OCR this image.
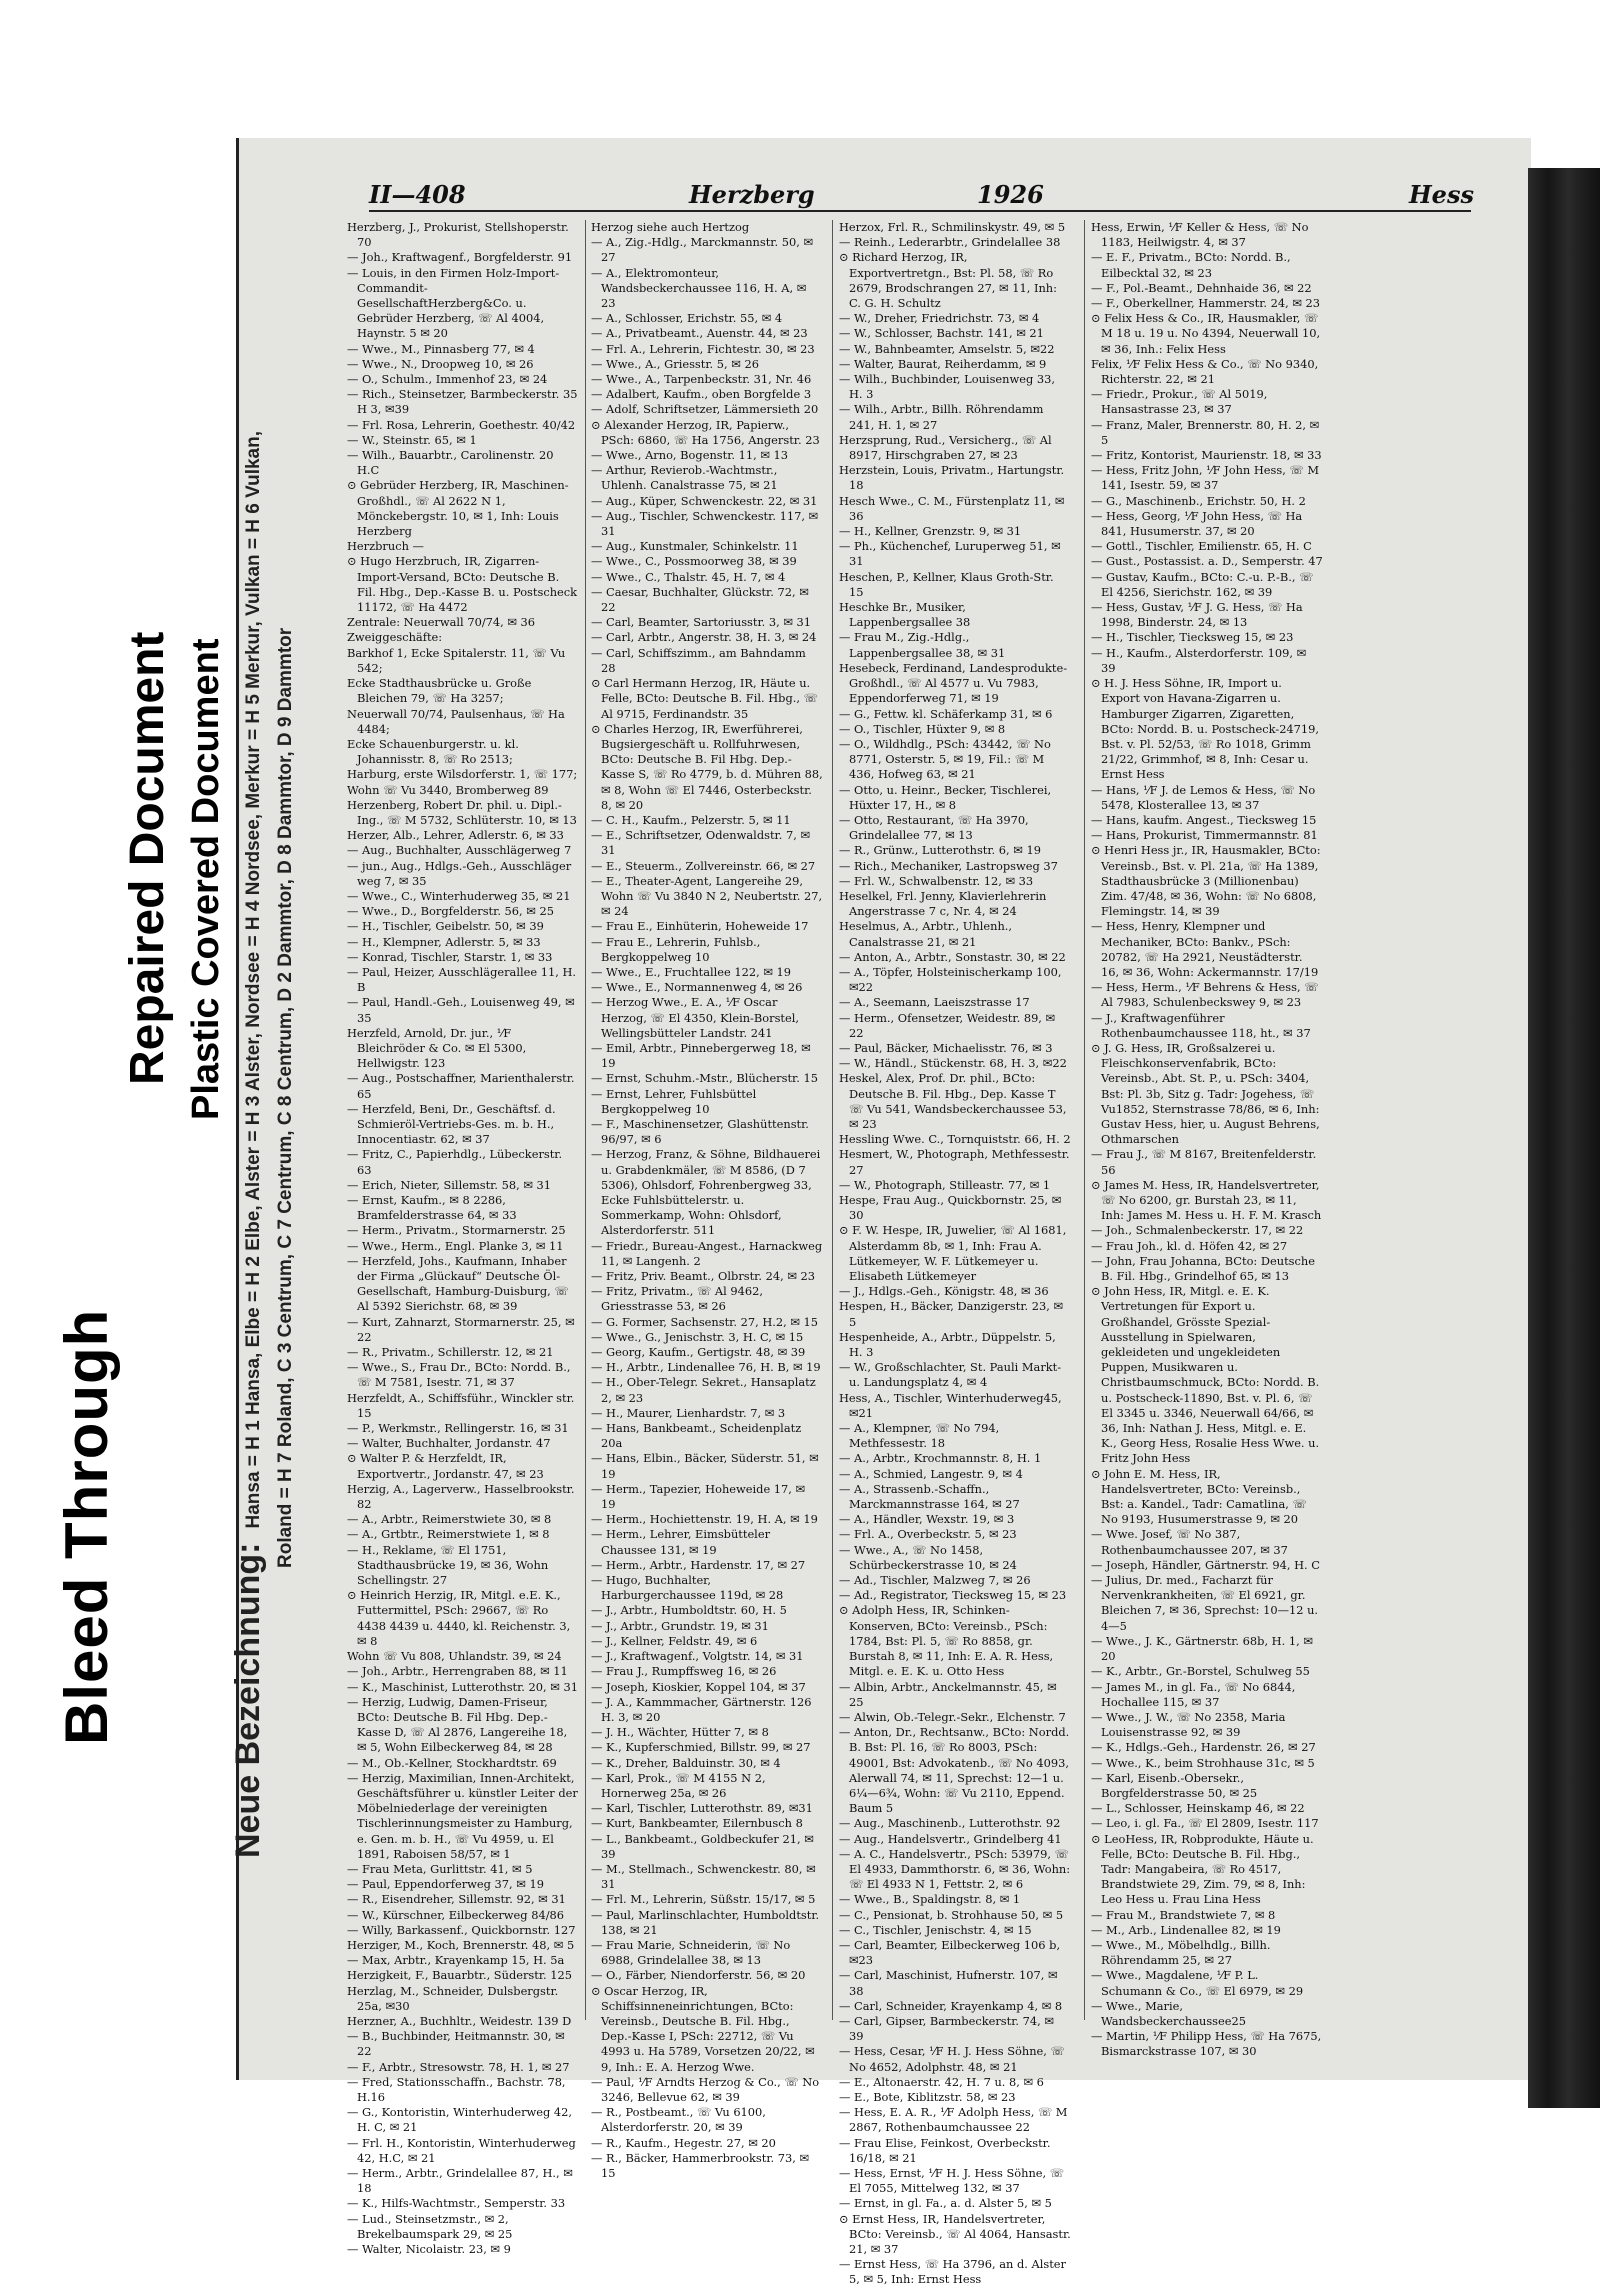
Bleed Through
Repaired Document Plastic Covered Document
II—408	Herzberg	1926	Hess
Neue Bezeichnung:Hansa = H 1 Hansa, Elbe = H 2 Elbe, Alster = H 3 Alster, Nordsee = H 4 Nordsee, Merkur = H 5 Merkur, Vulkan = H 6 Vulkan, Roland = H 7 Roland, C 3 Centrum, C 7 Centrum, C 8 Centrum, D 2 Dammtor, D 8 Dammtor, D 9 Dammtor

Herzberg, J., Prokurist, Stellshoperstr. 70

— Joh., Kraftwagenf., Borgfelderstr. 91

— Louis, in den Firmen Holz-Import-Commandit-GesellschaftHerzberg&Co. u. Gebrüder Herzberg, ☏ Al 4004, Haynstr. 5 ✉ 20

— Wwe., M., Pinnasberg 77, ✉ 4

— Wwe., N., Droopweg 10, ✉ 26

— O., Schulm., Immenhof 23, ✉ 24

— Rich., Steinsetzer, Barmbeckerstr. 35 H 3, ✉39

— Frl. Rosa, Lehrerin, Goethestr. 40/42

— W., Steinstr. 65, ✉ 1

— Wilh., Bauarbtr., Carolinenstr. 20 H.C

⊙ Gebrüder Herzberg, IR, Maschinen-Großhdl., ☏ Al 2622 N 1, Mönckebergstr. 10, ✉ 1, Inh: Louis Herzberg

Herzbruch —

⊙ Hugo Herzbruch, IR, Zigarren-Import-Versand, BCto: Deutsche B. Fil. Hbg., Dep.-Kasse B. u. Postscheck 11172, ☏ Ha 4472

Zentrale: Neuerwall 70/74, ✉ 36

Zweiggeschäfte:

Barkhof 1, Ecke Spitalerstr. 11, ☏ Vu 542;

Ecke Stadthausbrücke u. Große Bleichen 79, ☏ Ha 3257;

Neuerwall 70/74, Paulsenhaus, ☏ Ha 4484;

Ecke Schauenburgerstr. u. kl. Johannisstr. 8, ☏ Ro 2513;

Harburg, erste Wilsdorferstr. 1, ☏ 177;

Wohn ☏ Vu 3440, Bromberweg 89

Herzenberg, Robert Dr. phil. u. Dipl.-Ing., ☏ M 5732, Schlüterstr. 10, ✉ 13

Herzer, Alb., Lehrer, Adlerstr. 6, ✉ 33

— Aug., Buchhalter, Ausschlägerweg 7

— jun., Aug., Hdlgs.-Geh., Ausschläger weg 7, ✉ 35

— Wwe., C., Winterhuderweg 35, ✉ 21

— Wwe., D., Borgfelderstr. 56, ✉ 25

— H., Tischler, Geibelstr. 50, ✉ 39

— H., Klempner, Adlerstr. 5, ✉ 33

— Konrad, Tischler, Starstr. 1, ✉ 33

— Paul, Heizer, Ausschlägerallee 11, H. B

— Paul, Handl.-Geh., Louisenweg 49, ✉ 35

Herzfeld, Arnold, Dr. jur., ⅟F Bleichröder & Co. ✉ El 5300, Hellwigstr. 123

— Aug., Postschaffner, Marienthalerstr. 65

— Herzfeld, Beni, Dr., Geschäftsf. d. Schmieröl-Vertriebs-Ges. m. b. H., Innocentiastr. 62, ✉ 37

— Fritz, C., Papierhdlg., Lübeckerstr. 63

— Erich, Nieter, Sillemstr. 58, ✉ 31

— Ernst, Kaufm., ✉ 8 2286, Bramfelderstrasse 64, ✉ 33

— Herm., Privatm., Stormarnerstr. 25

— Wwe., Herm., Engl. Planke 3, ✉ 11

— Herzfeld, Johs., Kaufmann, Inhaber der Firma „Glückauf“ Deutsche Öl-Gesellschaft, Hamburg-Duisburg, ☏ Al 5392 Sierichstr. 68, ✉ 39

— Kurt, Zahnarzt, Stormarnerstr. 25, ✉ 22

— R., Privatm., Schillerstr. 12, ✉ 21

— Wwe., S., Frau Dr., BCto: Nordd. B., ☏ M 7581, Isestr. 71, ✉ 37

Herzfeldt, A., Schiffsführ., Winckler str. 15

— P., Werkmstr., Rellingerstr. 16, ✉ 31

— Walter, Buchhalter, Jordanstr. 47

⊙ Walter P. & Herzfeldt, IR, Exportvertr., Jordanstr. 47, ✉ 23

Herzig, A., Lagerverw., Hasselbrookstr. 82

— A., Arbtr., Reimerstwiete 30, ✉ 8

— A., Grtbtr., Reimerstwiete 1, ✉ 8

— H., Reklame, ☏ El 1751, Stadthausbrücke 19, ✉ 36, Wohn Schellingstr. 27

⊙ Heinrich Herzig, IR, Mitgl. e.E. K., Futtermittel, PSch: 29667, ☏ Ro 4438 4439 u. 4440, kl. Reichenstr. 3, ✉ 8

Wohn ☏ Vu 808, Uhlandstr. 39, ✉ 24

— Joh., Arbtr., Herrengraben 88, ✉ 11

— K., Maschinist, Lutterothstr. 20, ✉ 31

— Herzig, Ludwig, Damen-Friseur, BCto: Deutsche B. Fil Hbg. Dep.-Kasse D, ☏ Al 2876, Langereihe 18, ✉ 5, Wohn Eilbeckerweg 84, ✉ 28

— M., Ob.-Kellner, Stockhardtstr. 69

— Herzig, Maximilian, Innen-Architekt, Geschäftsführer u. künstler Leiter der Möbelniederlage der vereinigten Tischlerinnungsmeister zu Hamburg, e. Gen. m. b. H., ☏ Vu 4959, u. El 1891, Raboisen 58/57, ✉ 1

— Frau Meta, Gurlittstr. 41, ✉ 5

— Paul, Eppendorferweg 37, ✉ 19

— R., Eisendreher, Sillemstr. 92, ✉ 31

— W., Kürschner, Eilbeckerweg 84/86

— Willy, Barkassenf., Quickbornstr. 127

Herziger, M., Koch, Brennerstr. 48, ✉ 5

— Max, Arbtr., Krayenkamp 15, H. 5a

Herzigkeit, F., Bauarbtr., Süderstr. 125

Herzlag, M., Schneider, Dulsbergstr. 25a, ✉30

Herzner, A., Buchhltr., Weidestr. 139 D

— B., Buchbinder, Heitmannstr. 30, ✉ 22

— F., Arbtr., Stresowstr. 78, H. 1, ✉ 27

— Fred, Stationsschaffn., Bachstr. 78, H.16

— G., Kontoristin, Winterhuderweg 42, H. C, ✉ 21

— Frl. H., Kontoristin, Winterhuderweg 42, H.C, ✉ 21

— Herm., Arbtr., Grindelallee 87, H., ✉ 18

— K., Hilfs-Wachtmstr., Semperstr. 33

— Lud., Steinsetzmstr., ✉ 2, Brekelbaumspark 29, ✉ 25

— Walter, Nicolaistr. 23, ✉ 9

Herzog siehe auch Hertzog

— A., Zig.-Hdlg., Marckmannstr. 50, ✉27

— A., Elektromonteur, Wandsbeckerchaussee 116, H. A, ✉ 23

— A., Schlosser, Erichstr. 55, ✉ 4

— A., Privatbeamt., Auenstr. 44, ✉ 23

— Frl. A., Lehrerin, Fichtestr. 30, ✉ 23

— Wwe., A., Griesstr. 5, ✉ 26

— Wwe., A., Tarpenbeckstr. 31, Nr. 46

— Adalbert, Kaufm., oben Borgfelde 3

— Adolf, Schriftsetzer, Lämmersieth 20

⊙ Alexander Herzog, IR, Papierw., PSch: 6860, ☏ Ha 1756, Angerstr. 23

— Wwe., Arno, Bogenstr. 11, ✉ 13

— Arthur, Revierob.-Wachtmstr., Uhlenh. Canalstrasse 75, ✉ 21

— Aug., Küper, Schwenckestr. 22, ✉ 31

— Aug., Tischler, Schwenckestr. 117, ✉31

— Aug., Kunstmaler, Schinkelstr. 11

— Wwe., C., Possmoorweg 38, ✉ 39

— Wwe., C., Thalstr. 45, H. 7, ✉ 4

— Caesar, Buchhalter, Glückstr. 72, ✉ 22

— Carl, Beamter, Sartoriusstr. 3, ✉ 31

— Carl, Arbtr., Angerstr. 38, H. 3, ✉ 24

— Carl, Schiffszimm., am Bahndamm 28

⊙ Carl Hermann Herzog, IR, Häute u. Felle, BCto: Deutsche B. Fil. Hbg., ☏ Al 9715, Ferdinandstr. 35

⊙ Charles Herzog, IR, Ewerführerei, Bugsiergeschäft u. Rollfuhrwesen, BCto: Deutsche B. Fil Hbg. Dep.-Kasse S, ☏ Ro 4779, b. d. Mühren 88, ✉ 8, Wohn ☏ El 7446, Osterbeckstr. 8, ✉ 20

— C. H., Kaufm., Pelzerstr. 5, ✉ 11

— E., Schriftsetzer, Odenwaldstr. 7, ✉ 31

— E., Steuerm., Zollvereinstr. 66, ✉ 27

— E., Theater-Agent, Langereihe 29, Wohn ☏ Vu 3840 N 2, Neubertstr. 27, ✉ 24

— Frau E., Einhüterin, Hoheweide 17

— Frau E., Lehrerin, Fuhlsb., Bergkoppelweg 10

— Wwe., E., Fruchtallee 122, ✉ 19

— Wwe., E., Normannenweg 4, ✉ 26

— Herzog Wwe., E. A., ⅟F Oscar Herzog, ☏ El 4350, Klein-Borstel, Wellingsbütteler Landstr. 241

— Emil, Arbtr., Pinnebergerweg 18, ✉19

— Ernst, Schuhm.-Mstr., Blücherstr. 15

— Ernst, Lehrer, Fuhlsbüttel Bergkoppelweg 10

— F., Maschinensetzer, Glashüttenstr. 96/97, ✉ 6

— Herzog, Franz, & Söhne, Bildhauerei u. Grabdenkmäler, ☏ M 8586, (D 7 5306), Ohlsdorf, Fohrenbergweg 33, Ecke Fuhlsbüttelerstr. u. Sommerkamp, Wohn: Ohlsdorf, Alsterdorferstr. 511

— Friedr., Bureau-Angest., Harnackweg 11, ✉ Langenh. 2

— Fritz, Priv. Beamt., Olbrstr. 24, ✉ 23

— Fritz, Privatm., ☏ Al 9462, Griesstrasse 53, ✉ 26

— G. Former, Sachsenstr. 27, H.2, ✉ 15

— Wwe., G., Jenischstr. 3, H. C, ✉ 15

— Georg, Kaufm., Gertigstr. 48, ✉ 39

— H., Arbtr., Lindenallee 76, H. B, ✉ 19

— H., Ober-Telegr. Sekret., Hansaplatz 2, ✉ 23

— H., Maurer, Lienhardstr. 7, ✉ 3

— Hans, Bankbeamt., Scheidenplatz 20a

— Hans, Elbin., Bäcker, Süderstr. 51, ✉ 19

— Herm., Tapezier, Hoheweide 17, ✉ 19

— Herm., Hochiettenstr. 19, H. A, ✉ 19

— Herm., Lehrer, Eimsbütteler Chaussee 131, ✉ 19

— Herm., Arbtr., Hardenstr. 17, ✉ 27

— Hugo, Buchhalter, Harburgerchaussee 119d, ✉ 28

— J., Arbtr., Humboldtstr. 60, H. 5

— J., Arbtr., Grundstr. 19, ✉ 31

— J., Kellner, Feldstr. 49, ✉ 6

— J., Kraftwagenf., Volgtstr. 14, ✉ 31

— Frau J., Rumpffsweg 16, ✉ 26

— Joseph, Kioskier, Koppel 104, ✉ 37

— J. A., Kammmacher, Gärtnerstr. 126 H. 3, ✉ 20

— J. H., Wächter, Hütter 7, ✉ 8

— K., Kupferschmied, Billstr. 99, ✉ 27

— K., Dreher, Balduinstr. 30, ✉ 4

— Karl, Prok., ☏ M 4155 N 2, Hornerweg 25a, ✉ 26

— Karl, Tischler, Lutterothstr. 89, ✉31

— Kurt, Bankbeamter, Eilernbusch 8

— L., Bankbeamt., Goldbeckufer 21, ✉ 39

— M., Stellmach., Schwenckestr. 80, ✉31

— Frl. M., Lehrerin, Süßstr. 15/17, ✉ 5

— Paul, Marlinschlachter, Humboldtstr. 138, ✉ 21

— Frau Marie, Schneiderin, ☏ No 6988, Grindelallee 38, ✉ 13

— O., Färber, Niendorferstr. 56, ✉ 20

⊙ Oscar Herzog, IR, Schiffsinneneinrichtungen, BCto: Vereinsb., Deutsche B. Fil. Hbg., Dep.-Kasse I, PSch: 22712, ☏ Vu 4993 u. Ha 5789, Vorsetzen 20/22, ✉ 9, Inh.: E. A. Herzog Wwe.

— Paul, ⅟F Arndts Herzog & Co., ☏ No 3246, Bellevue 62, ✉ 39

— R., Postbeamt., ☏ Vu 6100, Alsterdorferstr. 20, ✉ 39

— R., Kaufm., Hegestr. 27, ✉ 20

— R., Bäcker, Hammerbrookstr. 73, ✉ 15

Herzox, Frl. R., Schmilinskystr. 49, ✉ 5

— Reinh., Lederarbtr., Grindelallee 38

⊙ Richard Herzog, IR, Exportvertretgn., Bst: Pl. 58, ☏ Ro 2679, Brodschrangen 27, ✉ 11, Inh: C. G. H. Schultz

— W., Dreher, Friedrichstr. 73, ✉ 4

— W., Schlosser, Bachstr. 141, ✉ 21

— W., Bahnbeamter, Amselstr. 5, ✉22

— Walter, Baurat, Reiherdamm, ✉ 9

— Wilh., Buchbinder, Louisenweg 33, H. 3

— Wilh., Arbtr., Billh. Röhrendamm 241, H. 1, ✉ 27

Herzsprung, Rud., Versicherg., ☏ Al 8917, Hirschgraben 27, ✉ 23

Herzstein, Louis, Privatm., Hartungstr. 18

Hesch Wwe., C. M., Fürstenplatz 11, ✉ 36

— H., Kellner, Grenzstr. 9, ✉ 31

— Ph., Küchenchef, Luruperweg 51, ✉31

Heschen, P., Kellner, Klaus Groth-Str. 15

Heschke Br., Musiker, Lappenbergsallee 38

— Frau M., Zig.-Hdlg., Lappenbergsallee 38, ✉ 31

Hesebeck, Ferdinand, Landesprodukte-Großhdl., ☏ Al 4577 u. Vu 7983, Eppendorferweg 71, ✉ 19

— G., Fettw. kl. Schäferkamp 31, ✉ 6

— O., Tischler, Hüxter 9, ✉ 8

— O., Wildhdlg., PSch: 43442, ☏ No 8771, Osterstr. 5, ✉ 19, Fil.: ☏ M 436, Hofweg 63, ✉ 21

— Otto, u. Heinr., Becker, Tischlerei, Hüxter 17, H., ✉ 8

— Otto, Restaurant, ☏ Ha 3970, Grindelallee 77, ✉ 13

— R., Grünw., Lutterothstr. 6, ✉ 19

— Rich., Mechaniker, Lastropsweg 37

— Frl. W., Schwalbenstr. 12, ✉ 33

Heselkel, Frl. Jenny, Klavierlehrerin Angerstrasse 7 c, Nr. 4, ✉ 24

Heselmus, A., Arbtr., Uhlenh., Canalstrasse 21, ✉ 21

— Anton, A., Arbtr., Sonstastr. 30, ✉ 22

— A., Töpfer, Holsteinischerkamp 100, ✉22

— A., Seemann, Laeiszstrasse 17

— Herm., Ofensetzer, Weidestr. 89, ✉ 22

— Paul, Bäcker, Michaelisstr. 76, ✉ 3

— W., Händl., Stückenstr. 68, H. 3, ✉22

Heskel, Alex, Prof. Dr. phil., BCto: Deutsche B. Fil. Hbg., Dep. Kasse T ☏ Vu 541, Wandsbeckerchaussee 53, ✉ 23

Hessling Wwe. C., Tornquiststr. 66, H. 2

Hesmert, W., Photograph, Methfessestr. 27

— W., Photograph, Stilleastr. 77, ✉ 1

Hespe, Frau Aug., Quickbornstr. 25, ✉ 30

⊙ F. W. Hespe, IR, Juwelier, ☏ Al 1681, Alsterdamm 8b, ✉ 1, Inh: Frau A. Lütkemeyer, W. F. Lütkemeyer u. Elisabeth Lütkemeyer

— J., Hdlgs.-Geh., Königstr. 48, ✉ 36

Hespen, H., Bäcker, Danzigerstr. 23, ✉ 5

Hespenheide, A., Arbtr., Düppelstr. 5, H. 3

— W., Großschlachter, St. Pauli Markt-u. Landungsplatz 4, ✉ 4

Hess, A., Tischler, Winterhuderweg45, ✉21

— A., Klempner, ☏ No 794, Methfessestr. 18

— A., Arbtr., Krochmannstr. 8, H. 1

— A., Schmied, Langestr. 9, ✉ 4

— A., Strassenb.-Schaffn., Marckmannstrasse 164, ✉ 27

— A., Händler, Wexstr. 19, ✉ 3

— Frl. A., Overbeckstr. 5, ✉ 23

— Wwe., A., ☏ No 1458, Schürbeckerstrasse 10, ✉ 24

— Ad., Tischler, Malzweg 7, ✉ 26

— Ad., Registrator, Tiecksweg 15, ✉ 23

⊙ Adolph Hess, IR, Schinken-Konserven, BCto: Vereinsb., PSch: 1784, Bst: Pl. 5, ☏ Ro 8858, gr. Burstah 8, ✉ 11, Inh: E. A. R. Hess, Mitgl. e. E. K. u. Otto Hess

— Albin, Arbtr., Anckelmannstr. 45, ✉25

— Alwin, Ob.-Telegr.-Sekr., Elchenstr. 7

— Anton, Dr., Rechtsanw., BCto: Nordd. B. Bst: Pl. 16, ☏ Ro 8003, PSch: 49001, Bst: Advokatenb., ☏ No 4093, Alerwall 74, ✉ 11, Sprechst: 12—1 u. 6¼—6¾, Wohn: ☏ Vu 2110, Eppend. Baum 5

— Aug., Maschinenb., Lutterothstr. 92

— Aug., Handelsvertr., Grindelberg 41

— A. C., Handelsvertr., PSch: 53979, ☏ El 4933, Dammthorstr. 6, ✉ 36, Wohn: ☏ El 4933 N 1, Fettstr. 2, ✉ 6

— Wwe., B., Spaldingstr. 8, ✉ 1

— C., Pensionat, b. Strohhause 50, ✉ 5

— C., Tischler, Jenischstr. 4, ✉ 15

— Carl, Beamter, Eilbeckerweg 106 b, ✉23

— Carl, Maschinist, Hufnerstr. 107, ✉ 38

— Carl, Schneider, Krayenkamp 4, ✉ 8

— Carl, Gipser, Barmbeckerstr. 74, ✉ 39

— Hess, Cesar, ⅟F H. J. Hess Söhne, ☏ No 4652, Adolphstr. 48, ✉ 21

— E., Altonaerstr. 42, H. 7 u. 8, ✉ 6

— E., Bote, Kiblitzstr. 58, ✉ 23

— Hess, E. A. R., ⅟F Adolph Hess, ☏ M 2867, Rothenbaumchaussee 22

— Frau Elise, Feinkost, Overbeckstr. 16/18, ✉ 21

— Hess, Ernst, ⅟F H. J. Hess Söhne, ☏ El 7055, Mittelweg 132, ✉ 37

— Ernst, in gl. Fa., a. d. Alster 5, ✉ 5

⊙ Ernst Hess, IR, Handelsvertreter, BCto: Vereinsb., ☏ Al 4064, Hansastr. 21, ✉ 37

— Ernst Hess, ☏ Ha 3796, an d. Alster 5, ✉ 5, Inh: Ernst Hess

Hess, Erwin, ⅟F Keller & Hess, ☏ No 1183, Heilwigstr. 4, ✉ 37

— E. F., Privatm., BCto: Nordd. B., Eilbecktal 32, ✉ 23

— F., Pol.-Beamt., Dehnhaide 36, ✉ 22

— F., Oberkellner, Hammerstr. 24, ✉ 23

⊙ Felix Hess & Co., IR, Hausmakler, ☏ M 18 u. 19 u. No 4394, Neuerwall 10, ✉ 36, Inh.: Felix Hess

Felix, ⅟F Felix Hess & Co., ☏ No 9340, Richterstr. 22, ✉ 21

— Friedr., Prokur., ☏ Al 5019, Hansastrasse 23, ✉ 37

— Franz, Maler, Brennerstr. 80, H. 2, ✉5

— Fritz, Kontorist, Maurienstr. 18, ✉ 33

— Hess, Fritz John, ⅟F John Hess, ☏ M 141, Isestr. 59, ✉ 37

— G., Maschinenb., Erichstr. 50, H. 2

— Hess, Georg, ⅟F John Hess, ☏ Ha 841, Husumerstr. 37, ✉ 20

— Gottl., Tischler, Emilienstr. 65, H. C

— Gust., Postassist. a. D., Semperstr. 47

— Gustav, Kaufm., BCto: C.-u. P.-B., ☏ El 4256, Sierichstr. 162, ✉ 39

— Hess, Gustav, ⅟F J. G. Hess, ☏ Ha 1998, Binderstr. 24, ✉ 13

— H., Tischler, Tiecksweg 15, ✉ 23

— H., Kaufm., Alsterdorferstr. 109, ✉ 39

⊙ H. J. Hess Söhne, IR, Import u. Export von Havana-Zigarren u. Hamburger Zigarren, Zigaretten, BCto: Nordd. B. u. Postscheck-24719, Bst. v. Pl. 52/53, ☏ Ro 1018, Grimm 21/22, Grimmhof, ✉ 8, Inh: Cesar u. Ernst Hess

— Hans, ⅟F J. de Lemos & Hess, ☏ No 5478, Klosterallee 13, ✉ 37

— Hans, kaufm. Angest., Tiecksweg 15

— Hans, Prokurist, Timmermannstr. 81

⊙ Henri Hess jr., IR, Hausmakler, BCto: Vereinsb., Bst. v. Pl. 21a, ☏ Ha 1389, Stadthausbrücke 3 (Millionenbau) Zim. 47/48, ✉ 36, Wohn: ☏ No 6808, Flemingstr. 14, ✉ 39

— Hess, Henry, Klempner und Mechaniker, BCto: Bankv., PSch: 20782, ☏ Ha 2921, Neustädterstr. 16, ✉ 36, Wohn: Ackermannstr. 17/19

— Hess, Herm., ⅟F Behrens & Hess, ☏ Al 7983, Schulenbeckswey 9, ✉ 23

— J., Kraftwagenführer Rothenbaumchaussee 118, ht., ✉ 37

⊙ J. G. Hess, IR, Großsalzerei u. Fleischkonservenfabrik, BCto: Vereinsb., Abt. St. P., u. PSch: 3404, Bst: Pl. 3b, Sitz g. Tadr: Jogehess, ☏ Vu1852, Sternstrasse 78/86, ✉ 6, Inh: Gustav Hess, hier, u. August Behrens, Othmarschen

— Frau J., ☏ M 8167, Breitenfelderstr. 56

⊙ James M. Hess, IR, Handelsvertreter, ☏ No 6200, gr. Burstah 23, ✉ 11, Inh: James M. Hess u. H. F. M. Krasch

— Joh., Schmalenbeckerstr. 17, ✉ 22

— Frau Joh., kl. d. Höfen 42, ✉ 27

— John, Frau Johanna, BCto: Deutsche B. Fil. Hbg., Grindelhof 65, ✉ 13

⊙ John Hess, IR, Mitgl. e. E. K. Vertretungen für Export u. Großhandel, Grösste Spezial-Ausstellung in Spielwaren, gekleideten und ungekleideten Puppen, Musikwaren u. Christbaumschmuck, BCto: Nordd. B. u. Postscheck-11890, Bst. v. Pl. 6, ☏ El 3345 u. 3346, Neuerwall 64/66, ✉ 36, Inh: Nathan J. Hess, Mitgl. e. E. K., Georg Hess, Rosalie Hess Wwe. u. Fritz John Hess

⊙ John E. M. Hess, IR, Handelsvertreter, BCto: Vereinsb., Bst: a. Kandel., Tadr: Camatlina, ☏ No 9193, Husumerstrasse 9, ✉ 20

— Wwe. Josef, ☏ No 387, Rothenbaumchaussee 207, ✉ 37

— Joseph, Händler, Gärtnerstr. 94, H. C

— Julius, Dr. med., Facharzt für Nervenkrankheiten, ☏ El 6921, gr. Bleichen 7, ✉ 36, Sprechst: 10—12 u. 4—5

— Wwe., J. K., Gärtnerstr. 68b, H. 1, ✉ 20

— K., Arbtr., Gr.-Borstel, Schulweg 55

— James M., in gl. Fa., ☏ No 6844, Hochallee 115, ✉ 37

— Wwe., J. W., ☏ No 2358, Maria Louisenstrasse 92, ✉ 39

— K., Hdlgs.-Geh., Hardenstr. 26, ✉ 27

— Wwe., K., beim Strohhause 31c, ✉ 5

— Karl, Eisenb.-Obersekr., Borgfelderstrasse 50, ✉ 25

— L., Schlosser, Heinskamp 46, ✉ 22

— Leo, i. gl. Fa., ☏ El 2809, Isestr. 117

⊙ LeoHess, IR, Robprodukte, Häute u. Felle, BCto: Deutsche B. Fil. Hbg., Tadr: Mangabeira, ☏ Ro 4517, Brandstwiete 29, Zim. 79, ✉ 8, Inh: Leo Hess u. Frau Lina Hess

— Frau M., Brandstwiete 7, ✉ 8

— M., Arb., Lindenallee 82, ✉ 19

— Wwe., M., Möbelhdlg., Billh. Röhrendamm 25, ✉ 27

— Wwe., Magdalene, ⅟F P. L. Schumann & Co., ☏ El 6979, ✉ 29

— Wwe., Marie, Wandsbeckerchaussee25

— Martin, ⅟F Philipp Hess, ☏ Ha 7675, Bismarckstrasse 107, ✉ 30
